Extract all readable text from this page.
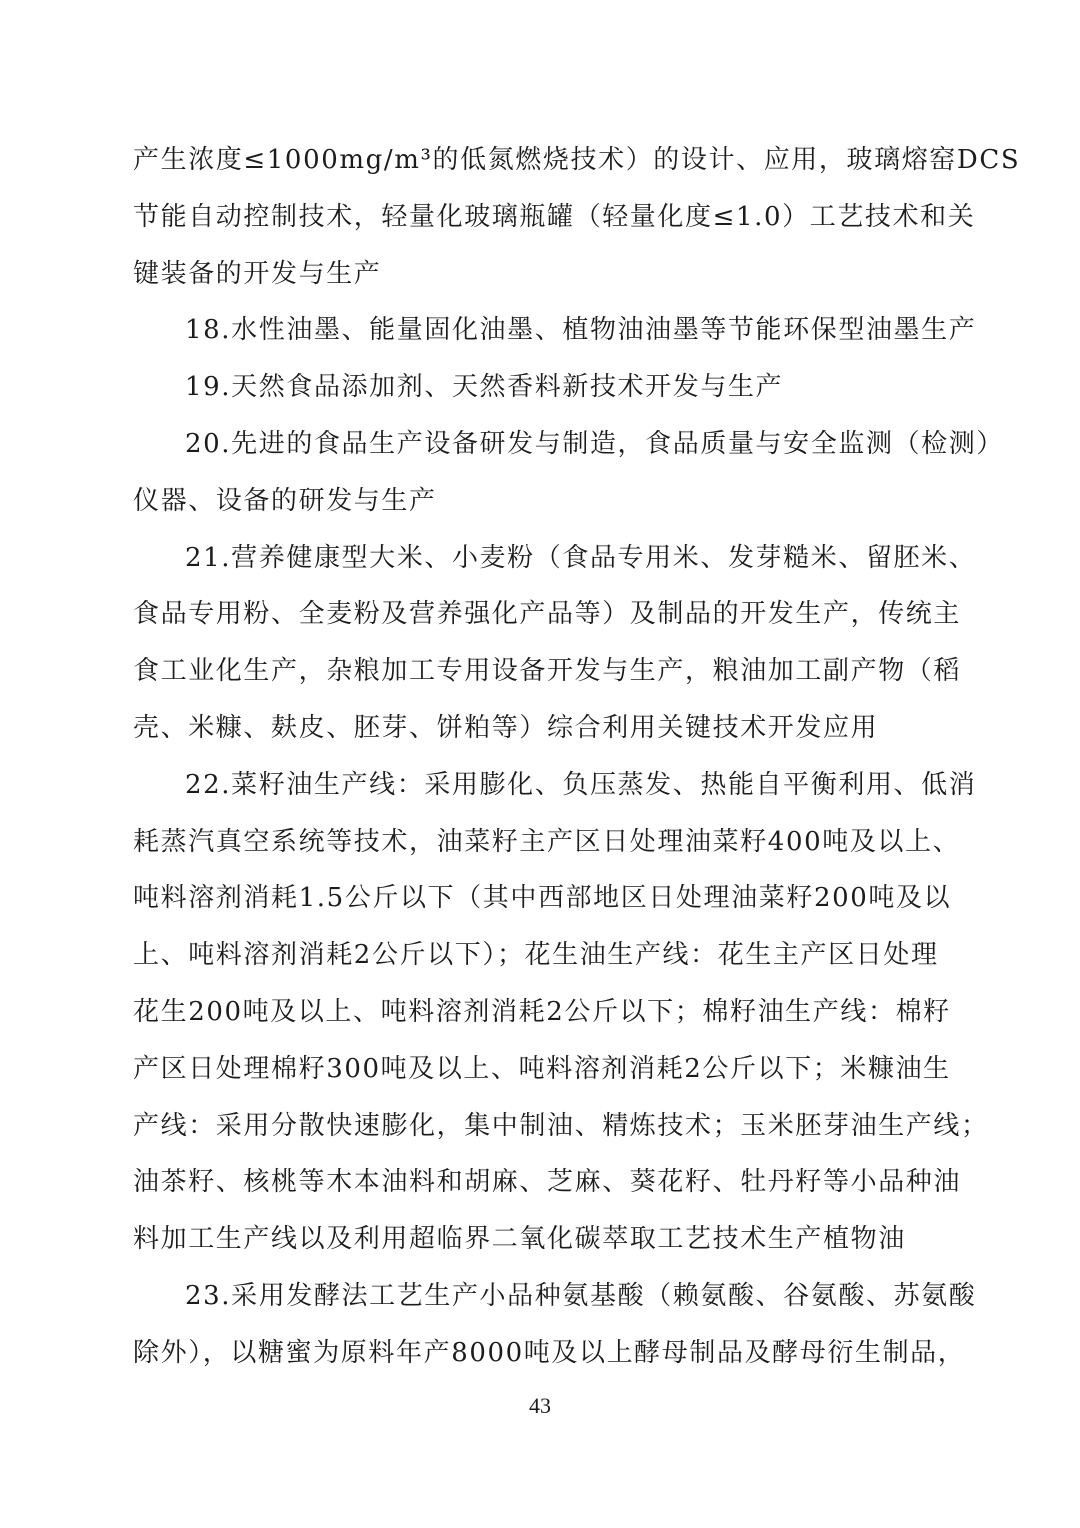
产生浓度≤1000mg/m³的低氮燃烧技术）的设计、应用，玻璃熔窑DCS
节能自动控制技术，轻量化玻璃瓶罐（轻量化度≤1.0）工艺技术和关
键装备的开发与生产
18.水性油墨、能量固化油墨、植物油油墨等节能环保型油墨生产
19.天然食品添加剂、天然香料新技术开发与生产
20.先进的食品生产设备研发与制造，食品质量与安全监测（检测）
仪器、设备的研发与生产
21.营养健康型大米、小麦粉（食品专用米、发芽糙米、留胚米、
食品专用粉、全麦粉及营养强化产品等）及制品的开发生产，传统主
食工业化生产，杂粮加工专用设备开发与生产，粮油加工副产物（稻
壳、米糠、麸皮、胚芽、饼粕等）综合利用关键技术开发应用
22.菜籽油生产线：采用膨化、负压蒸发、热能自平衡利用、低消
耗蒸汽真空系统等技术，油菜籽主产区日处理油菜籽400吨及以上、
吨料溶剂消耗1.5公斤以下（其中西部地区日处理油菜籽200吨及以
上、吨料溶剂消耗2公斤以下）；花生油生产线：花生主产区日处理
花生200吨及以上、吨料溶剂消耗2公斤以下；棉籽油生产线：棉籽
产区日处理棉籽300吨及以上、吨料溶剂消耗2公斤以下；米糠油生
产线：采用分散快速膨化，集中制油、精炼技术；玉米胚芽油生产线；
油茶籽、核桃等木本油料和胡麻、芝麻、葵花籽、牡丹籽等小品种油
料加工生产线以及利用超临界二氧化碳萃取工艺技术生产植物油
23.采用发酵法工艺生产小品种氨基酸（赖氨酸、谷氨酸、苏氨酸
除外），以糖蜜为原料年产8000吨及以上酵母制品及酵母衍生制品，
43
